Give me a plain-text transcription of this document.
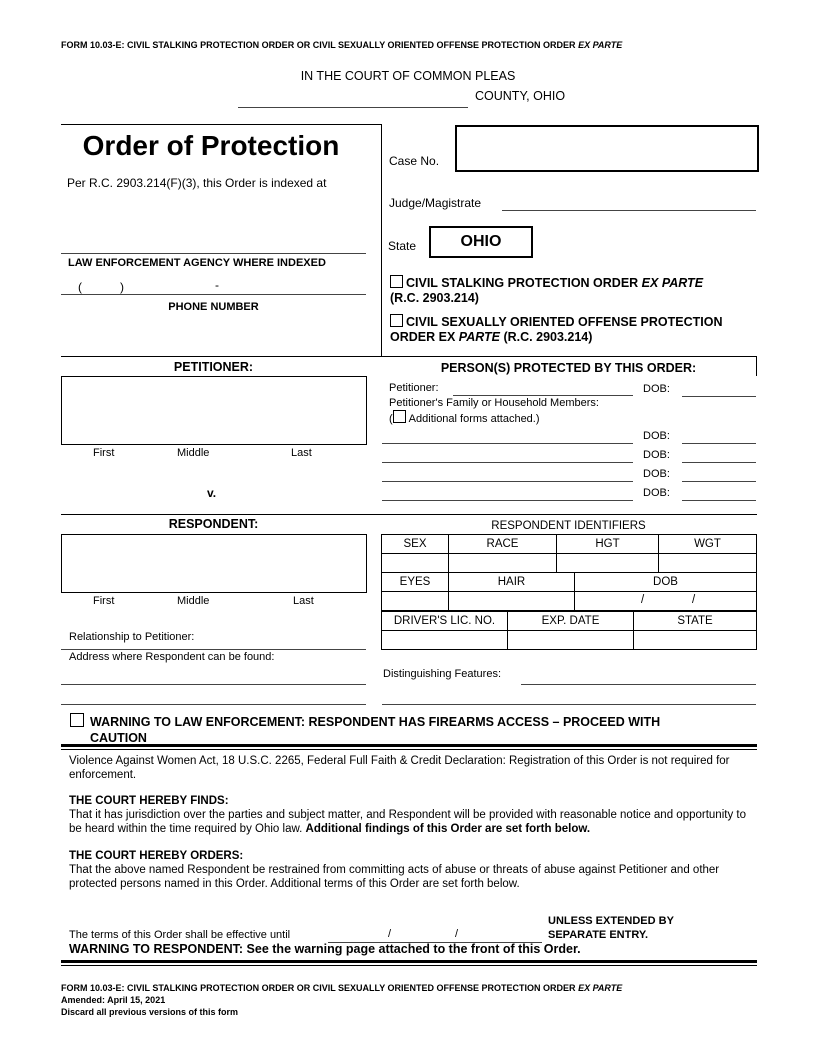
FORM 10.03-E: CIVIL STALKING PROTECTION ORDER OR CIVIL SEXUALLY ORIENTED OFFENSE PROTECTION ORDER EX PARTE
IN THE COURT OF COMMON PLEAS
COUNTY, OHIO
Order of Protection
Per R.C. 2903.214(F)(3), this Order is indexed at
LAW ENFORCEMENT AGENCY WHERE INDEXED
(	)	-
PHONE NUMBER
Case No.
Judge/Magistrate
State	OHIO
CIVIL STALKING PROTECTION ORDER EX PARTE
(R.C. 2903.214)
CIVIL SEXUALLY ORIENTED OFFENSE PROTECTION
ORDER EX PARTE (R.C. 2903.214)
PETITIONER:
First	Middle	Last
v.
PERSON(S) PROTECTED BY THIS ORDER:
Petitioner:	DOB:
Petitioner's Family or Household Members:
( Additional forms attached.)
DOB:
DOB:
DOB:
DOB:
RESPONDENT:
First	Middle	Last
Relationship to Petitioner:
Address where Respondent can be found:
RESPONDENT IDENTIFIERS
SEX	RACE	HGT	WGT

EYES	HAIR	DOB

		/ /
DRIVER'S LIC. NO.	EXP. DATE	STATE

Distinguishing Features:
WARNING TO LAW ENFORCEMENT: RESPONDENT HAS FIREARMS ACCESS – PROCEED WITH
CAUTION
Violence Against Women Act, 18 U.S.C. 2265, Federal Full Faith & Credit Declaration: Registration of this Order is not required for enforcement.
THE COURT HEREBY FINDS:
That it has jurisdiction over the parties and subject matter, and Respondent will be provided with reasonable notice and opportunity to be heard within the time required by Ohio law. Additional findings of this Order are set forth below.
THE COURT HEREBY ORDERS:
That the above named Respondent be restrained from committing acts of abuse or threats of abuse against Petitioner and other protected persons named in this Order. Additional terms of this Order are set forth below.
The terms of this Order shall be effective until	/	/
UNLESS EXTENDED BY
SEPARATE ENTRY.
WARNING TO RESPONDENT: See the warning page attached to the front of this Order.
FORM 10.03-E: CIVIL STALKING PROTECTION ORDER OR CIVIL SEXUALLY ORIENTED OFFENSE PROTECTION ORDER EX PARTE
Amended: April 15, 2021
Discard all previous versions of this form
